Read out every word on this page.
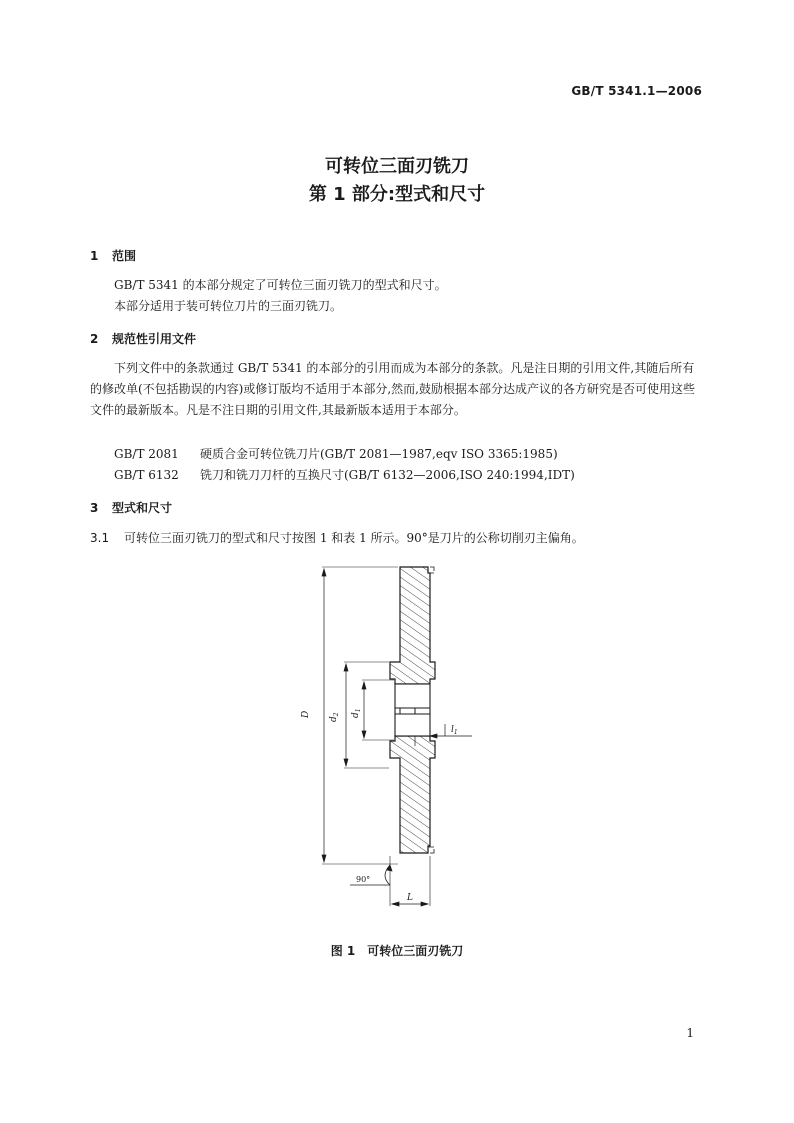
GB/T 5341.1—2006
可转位三面刃铣刀
第 1 部分:型式和尺寸
1 范围
GB/T 5341 的本部分规定了可转位三面刃铣刀的型式和尺寸。
本部分适用于装可转位刀片的三面刃铣刀。
2 规范性引用文件
下列文件中的条款通过 GB/T 5341 的本部分的引用而成为本部分的条款。凡是注日期的引用文件,其随后所有的修改单(不包括勘误的内容)或修订版均不适用于本部分,然而,鼓励根据本部分达成产议的各方研究是否可使用这些文件的最新版本。凡是不注日期的引用文件,其最新版本适用于本部分。
GB/T 2081 硬质合金可转位铣刀片(GB/T 2081—1987,eqv ISO 3365:1985)
GB/T 6132 铣刀和铣刀刀杆的互换尺寸(GB/T 6132—2006,ISO 240:1994,IDT)
3 型式和尺寸
3.1 可转位三面刃铣刀的型式和尺寸按图 1 和表 1 所示。90°是刀片的公称切削刃主偏角。
D
$d_2$ $d_1$
$l_1$
L
90°
图 1 可转位三面刃铣刀
1
